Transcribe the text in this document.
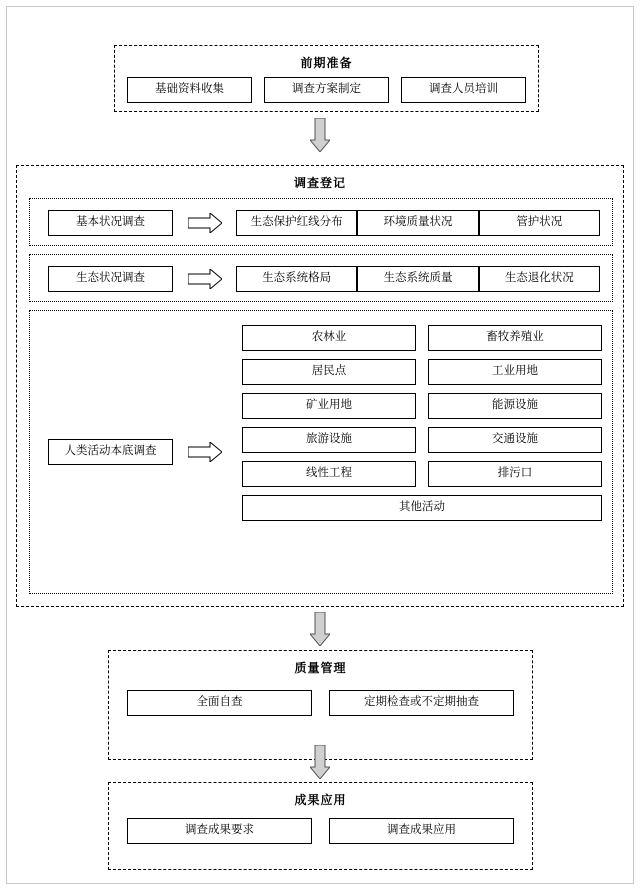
前期准备
基础资料收集	调查方案制定	调查人员培训
调查登记
基本状况调查	生态保护红线分布	环境质量状况	管护状况
生态状况调查	生态系统格局	生态系统质量	生态退化状况
人类活动本底调查
农林业	畜牧养殖业
居民点	工业用地
矿业用地	能源设施
旅游设施	交通设施
线性工程	排污口
其他活动
质量管理
全面自查	定期检查或不定期抽查
成果应用
调查成果要求	调查成果应用
